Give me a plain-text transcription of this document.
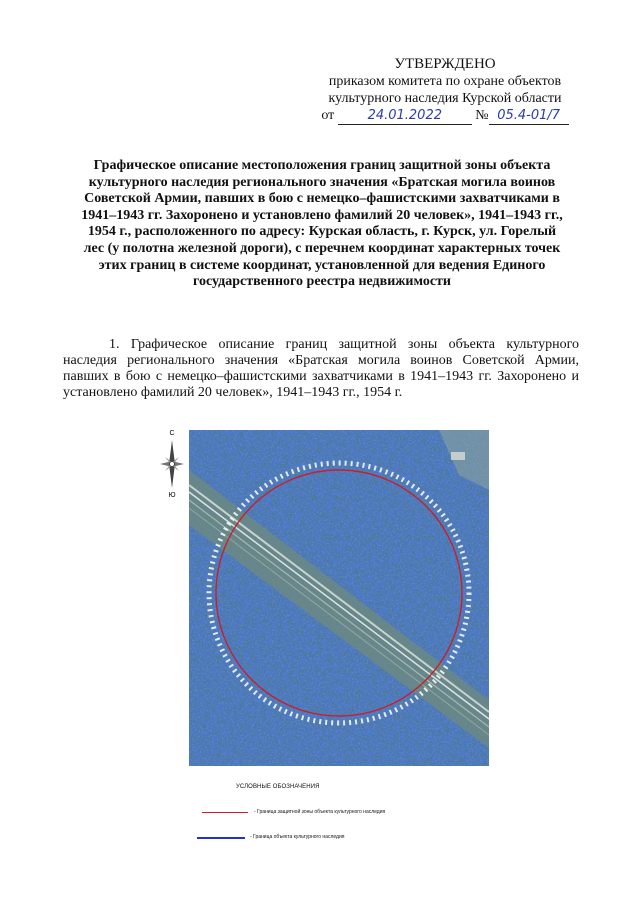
УТВЕРЖДЕНО
приказом комитета по охране объектов
культурного наследия Курской области
от	24.01.2022 № 05.4-01/7
Графическое описание местоположения границ защитной зоны объекта культурного наследия регионального значения «Братская могила воинов Советской Армии, павших в бою с немецко–фашистскими захватчиками в 1941–1943 гг. Захоронено и установлено фамилий 20 человек», 1941–1943 гг., 1954 г., расположенного по адресу: Курская область, г. Курск, ул. Горелый лес (у полотна железной дороги), с перечнем координат характерных точек этих границ в системе координат, установленной для ведения Единого государственного реестра недвижимости

1. Графическое описание границ защитной зоны объекта культурного наследия регионального значения «Братская могила воинов Советской Армии, павших в бою с немецко–фашистскими захватчиками в 1941–1943 гг. Захоронено и установлено фамилий 20 человек», 1941–1943 гг., 1954 г.

С
Ю
УСЛОВНЫЕ ОБОЗНАЧЕНИЯ
- Граница защитной зоны объекта культурного наследия
- Граница объекта культурного наследия
